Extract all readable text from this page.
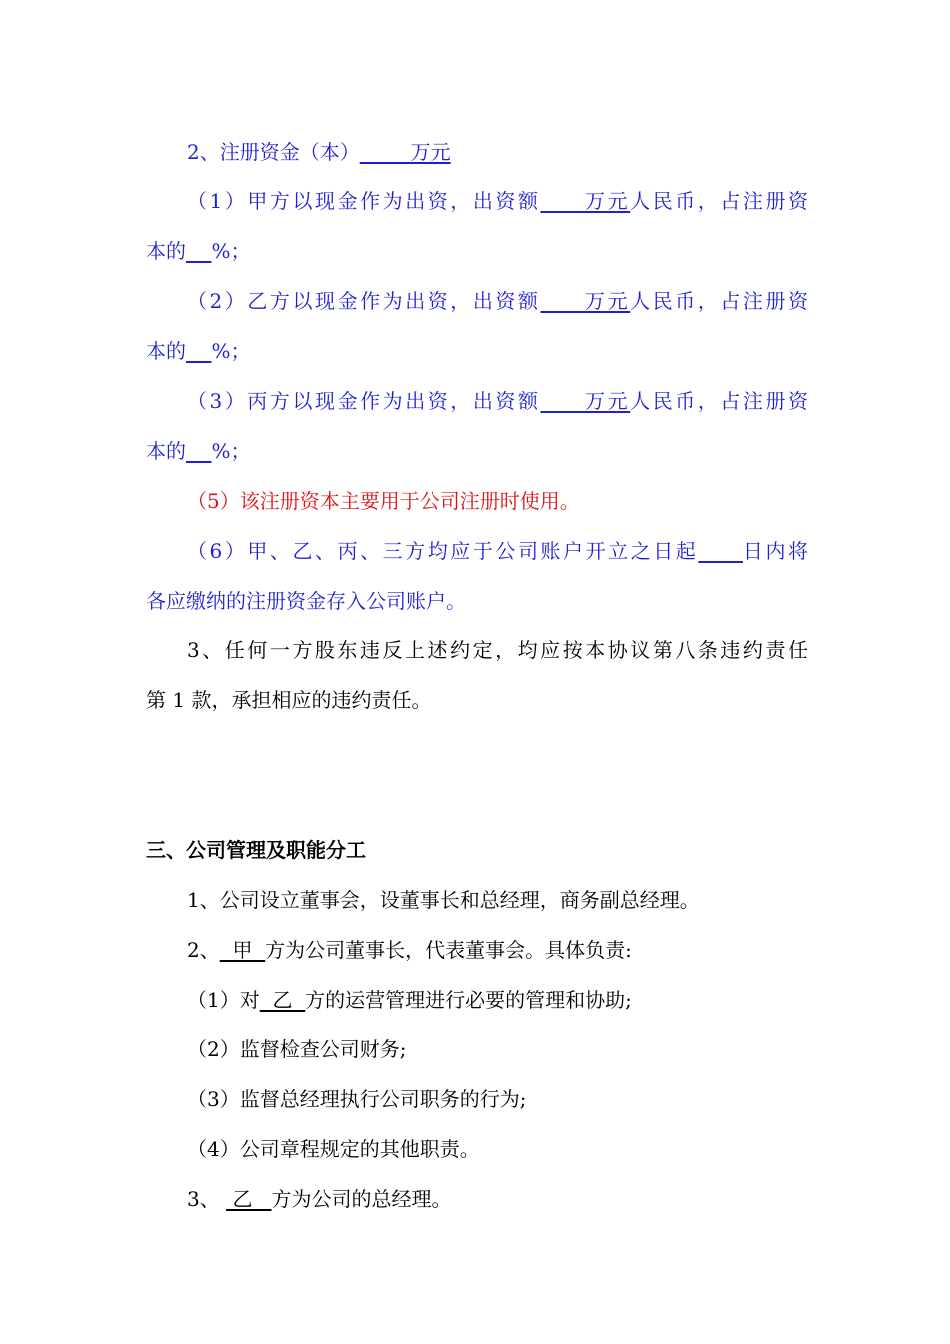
2、注册资金（本）        万元
（1）甲方以现金作为出资，出资额     万元人民币，占注册资
本的 %；
（2）乙方以现金作为出资，出资额     万元人民币，占注册资
本的 %；
（3）丙方以现金作为出资，出资额     万元人民币，占注册资
本的 %；
（5）该注册资本主要用于公司注册时使用。
（6）甲、乙、丙、三方均应于公司账户开立之日起 日内将
各应缴纳的注册资金存入公司账户。
3、任何一方股东违反上述约定，均应按本协议第八条违约责任
第 1 款，承担相应的违约责任。
三、公司管理及职能分工
1、公司设立董事会，设董事长和总经理，商务副总经理。
2、  甲  方为公司董事长，代表董事会。具体负责:
（1）对  乙  方的运营管理进行必要的管理和协助;
（2）监督检查公司财务;
（3）监督总经理执行公司职务的行为;
（4）公司章程规定的其他职责。
3、  乙   方为公司的总经理。
